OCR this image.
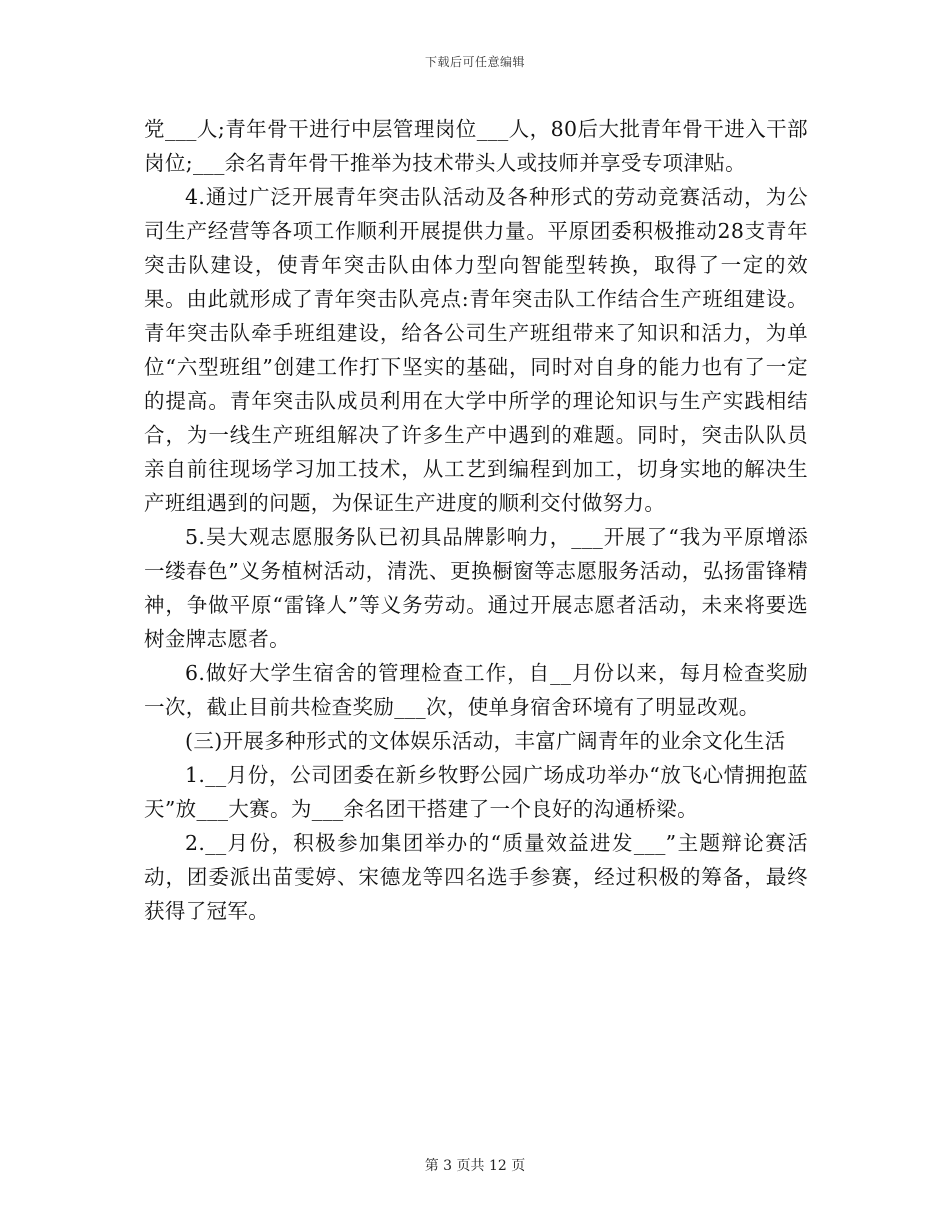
下载后可任意编辑

党___人;青年骨干进行中层管理岗位___人，80后大批青年骨干进入干部岗位;___余名青年骨干推举为技术带头人或技师并享受专项津贴。

4.通过广泛开展青年突击队活动及各种形式的劳动竞赛活动，为公司生产经营等各项工作顺利开展提供力量。平原团委积极推动28支青年突击队建设，使青年突击队由体力型向智能型转换，取得了一定的效果。由此就形成了青年突击队亮点:青年突击队工作结合生产班组建设。青年突击队牵手班组建设，给各公司生产班组带来了知识和活力，为单位“六型班组”创建工作打下坚实的基础，同时对自身的能力也有了一定的提高。青年突击队成员利用在大学中所学的理论知识与生产实践相结合，为一线生产班组解决了许多生产中遇到的难题。同时，突击队队员亲自前往现场学习加工技术，从工艺到编程到加工，切身实地的解决生产班组遇到的问题，为保证生产进度的顺利交付做努力。

5.吴大观志愿服务队已初具品牌影响力，___开展了“我为平原增添一缕春色”义务植树活动，清洗、更换橱窗等志愿服务活动，弘扬雷锋精神，争做平原“雷锋人”等义务劳动。通过开展志愿者活动，未来将要选树金牌志愿者。

6.做好大学生宿舍的管理检查工作，自__月份以来，每月检查奖励一次，截止目前共检查奖励___次，使单身宿舍环境有了明显改观。

(三)开展多种形式的文体娱乐活动，丰富广阔青年的业余文化生活

1.__月份，公司团委在新乡牧野公园广场成功举办“放飞心情拥抱蓝天”放___大赛。为___余名团干搭建了一个良好的沟通桥梁。

2.__月份，积极参加集团举办的“质量效益进发___”主题辩论赛活动，团委派出苗雯婷、宋德龙等四名选手参赛，经过积极的筹备，最终获得了冠军。

第 3 页共 12 页
